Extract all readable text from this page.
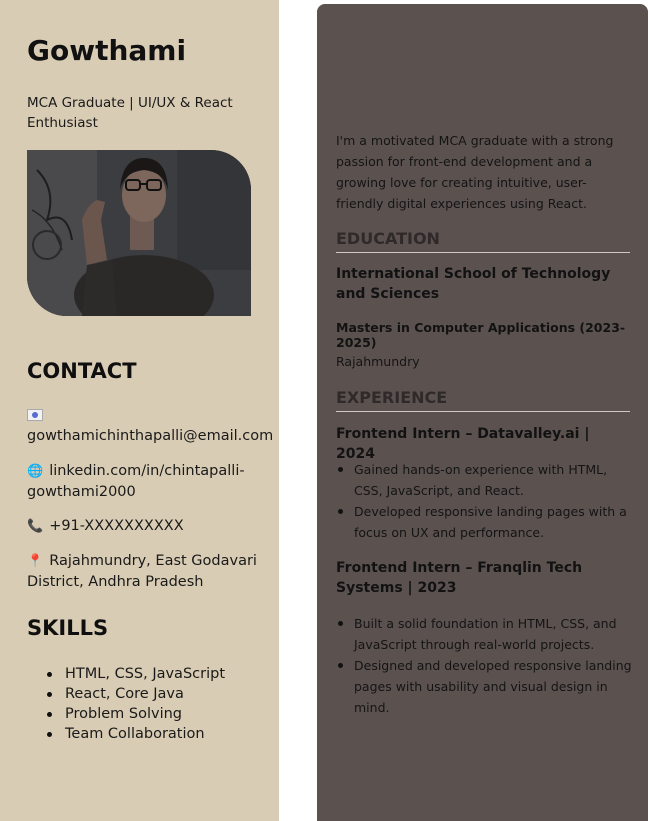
Gowthami

MCA Graduate | UI/UX & React Enthusiast

CONTACT

gowthamichinthapalli@email.com
🌐 linkedin.com/in/chintapalli-gowthami2000
📞 +91-XXXXXXXXXX
📍 Rajahmundry, East Godavari District, Andhra Pradesh
SKILLS
HTML, CSS, JavaScript
React, Core Java
Problem Solving
Team Collaboration

I'm a motivated MCA graduate with a strong passion for front-end development and a growing love for creating intuitive, user-friendly digital experiences using React.

EDUCATION
International School of Technology and Sciences
Masters in Computer Applications (2023-2025)

Rajahmundry

EXPERIENCE
Frontend Intern – Datavalley.ai | 2024
Gained hands-on experience with HTML, CSS, JavaScript, and React.
Developed responsive landing pages with a focus on UX and performance.
Frontend Intern – Franqlin Tech Systems | 2023
Built a solid foundation in HTML, CSS, and JavaScript through real-world projects.
Designed and developed responsive landing pages with usability and visual design in mind.
